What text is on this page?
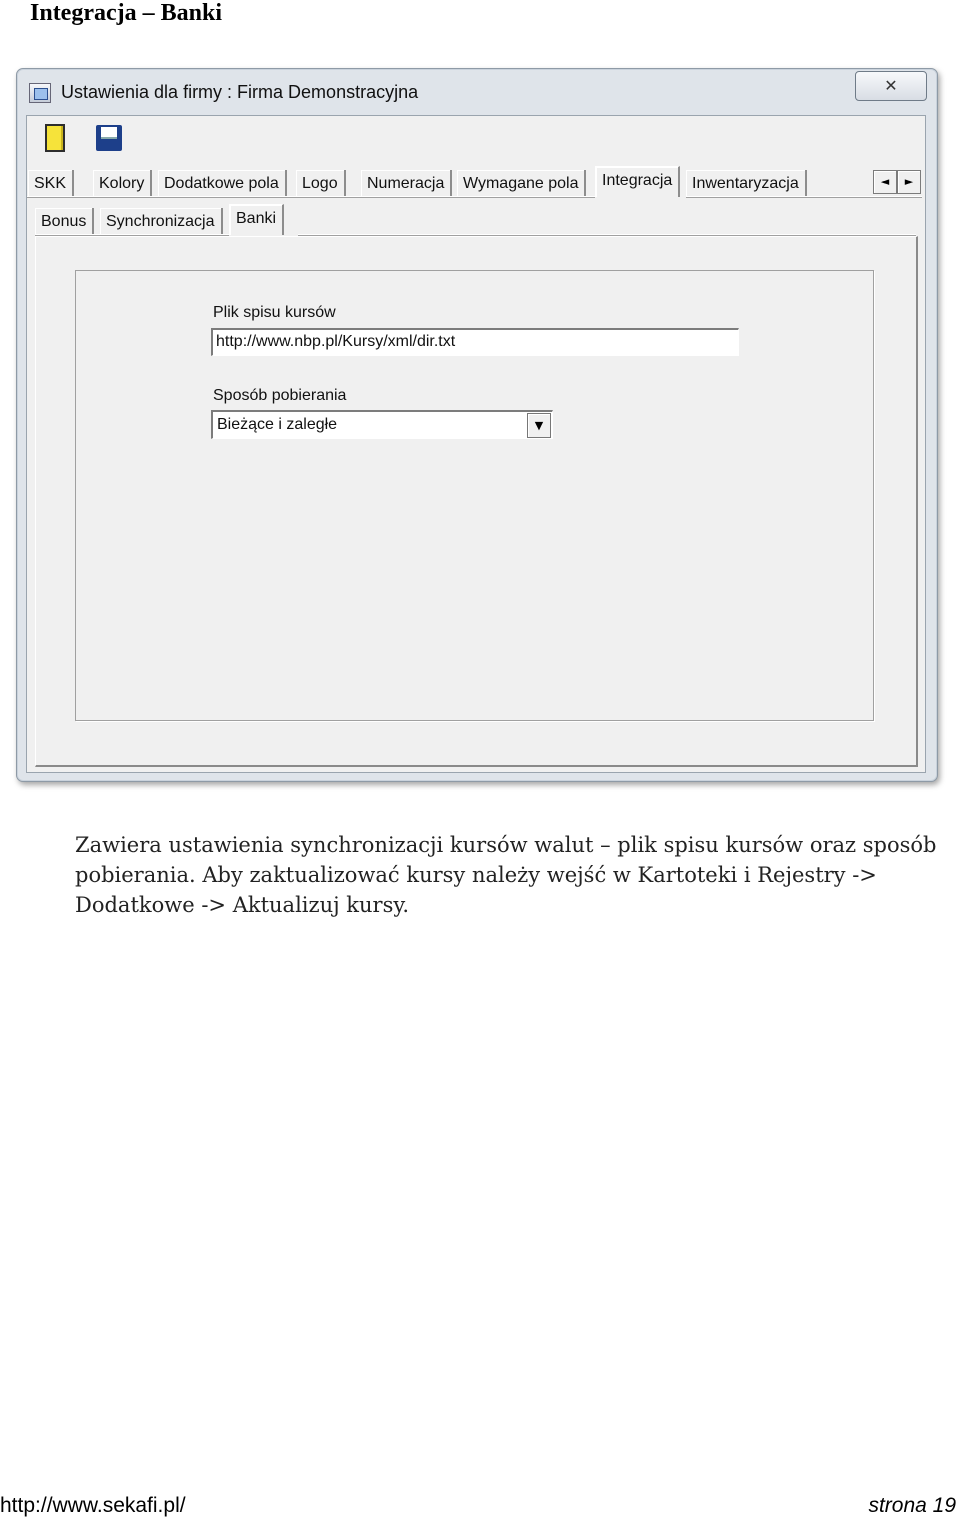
Integracja – Banki
Ustawienia dla firmy : Firma Demonstracyjna	✕
SKK	Kolory	Dodatkowe pola	Logo	Numeracja	Wymagane pola	Integracja	Inwentaryzacja	◄	►
Bonus	Synchronizacja	Banki
Plik spisu kursów
http://www.nbp.pl/Kursy/xml/dir.txt
Sposób pobierania
Bieżące i zaległe	▼
Zawiera ustawienia synchronizacji kursów walut – plik spisu kursów oraz sposób pobierania. Aby zaktualizować kursy należy wejść w Kartoteki i Rejestry -> Dodatkowe -> Aktualizuj kursy.
http://www.sekafi.pl/	strona 19
